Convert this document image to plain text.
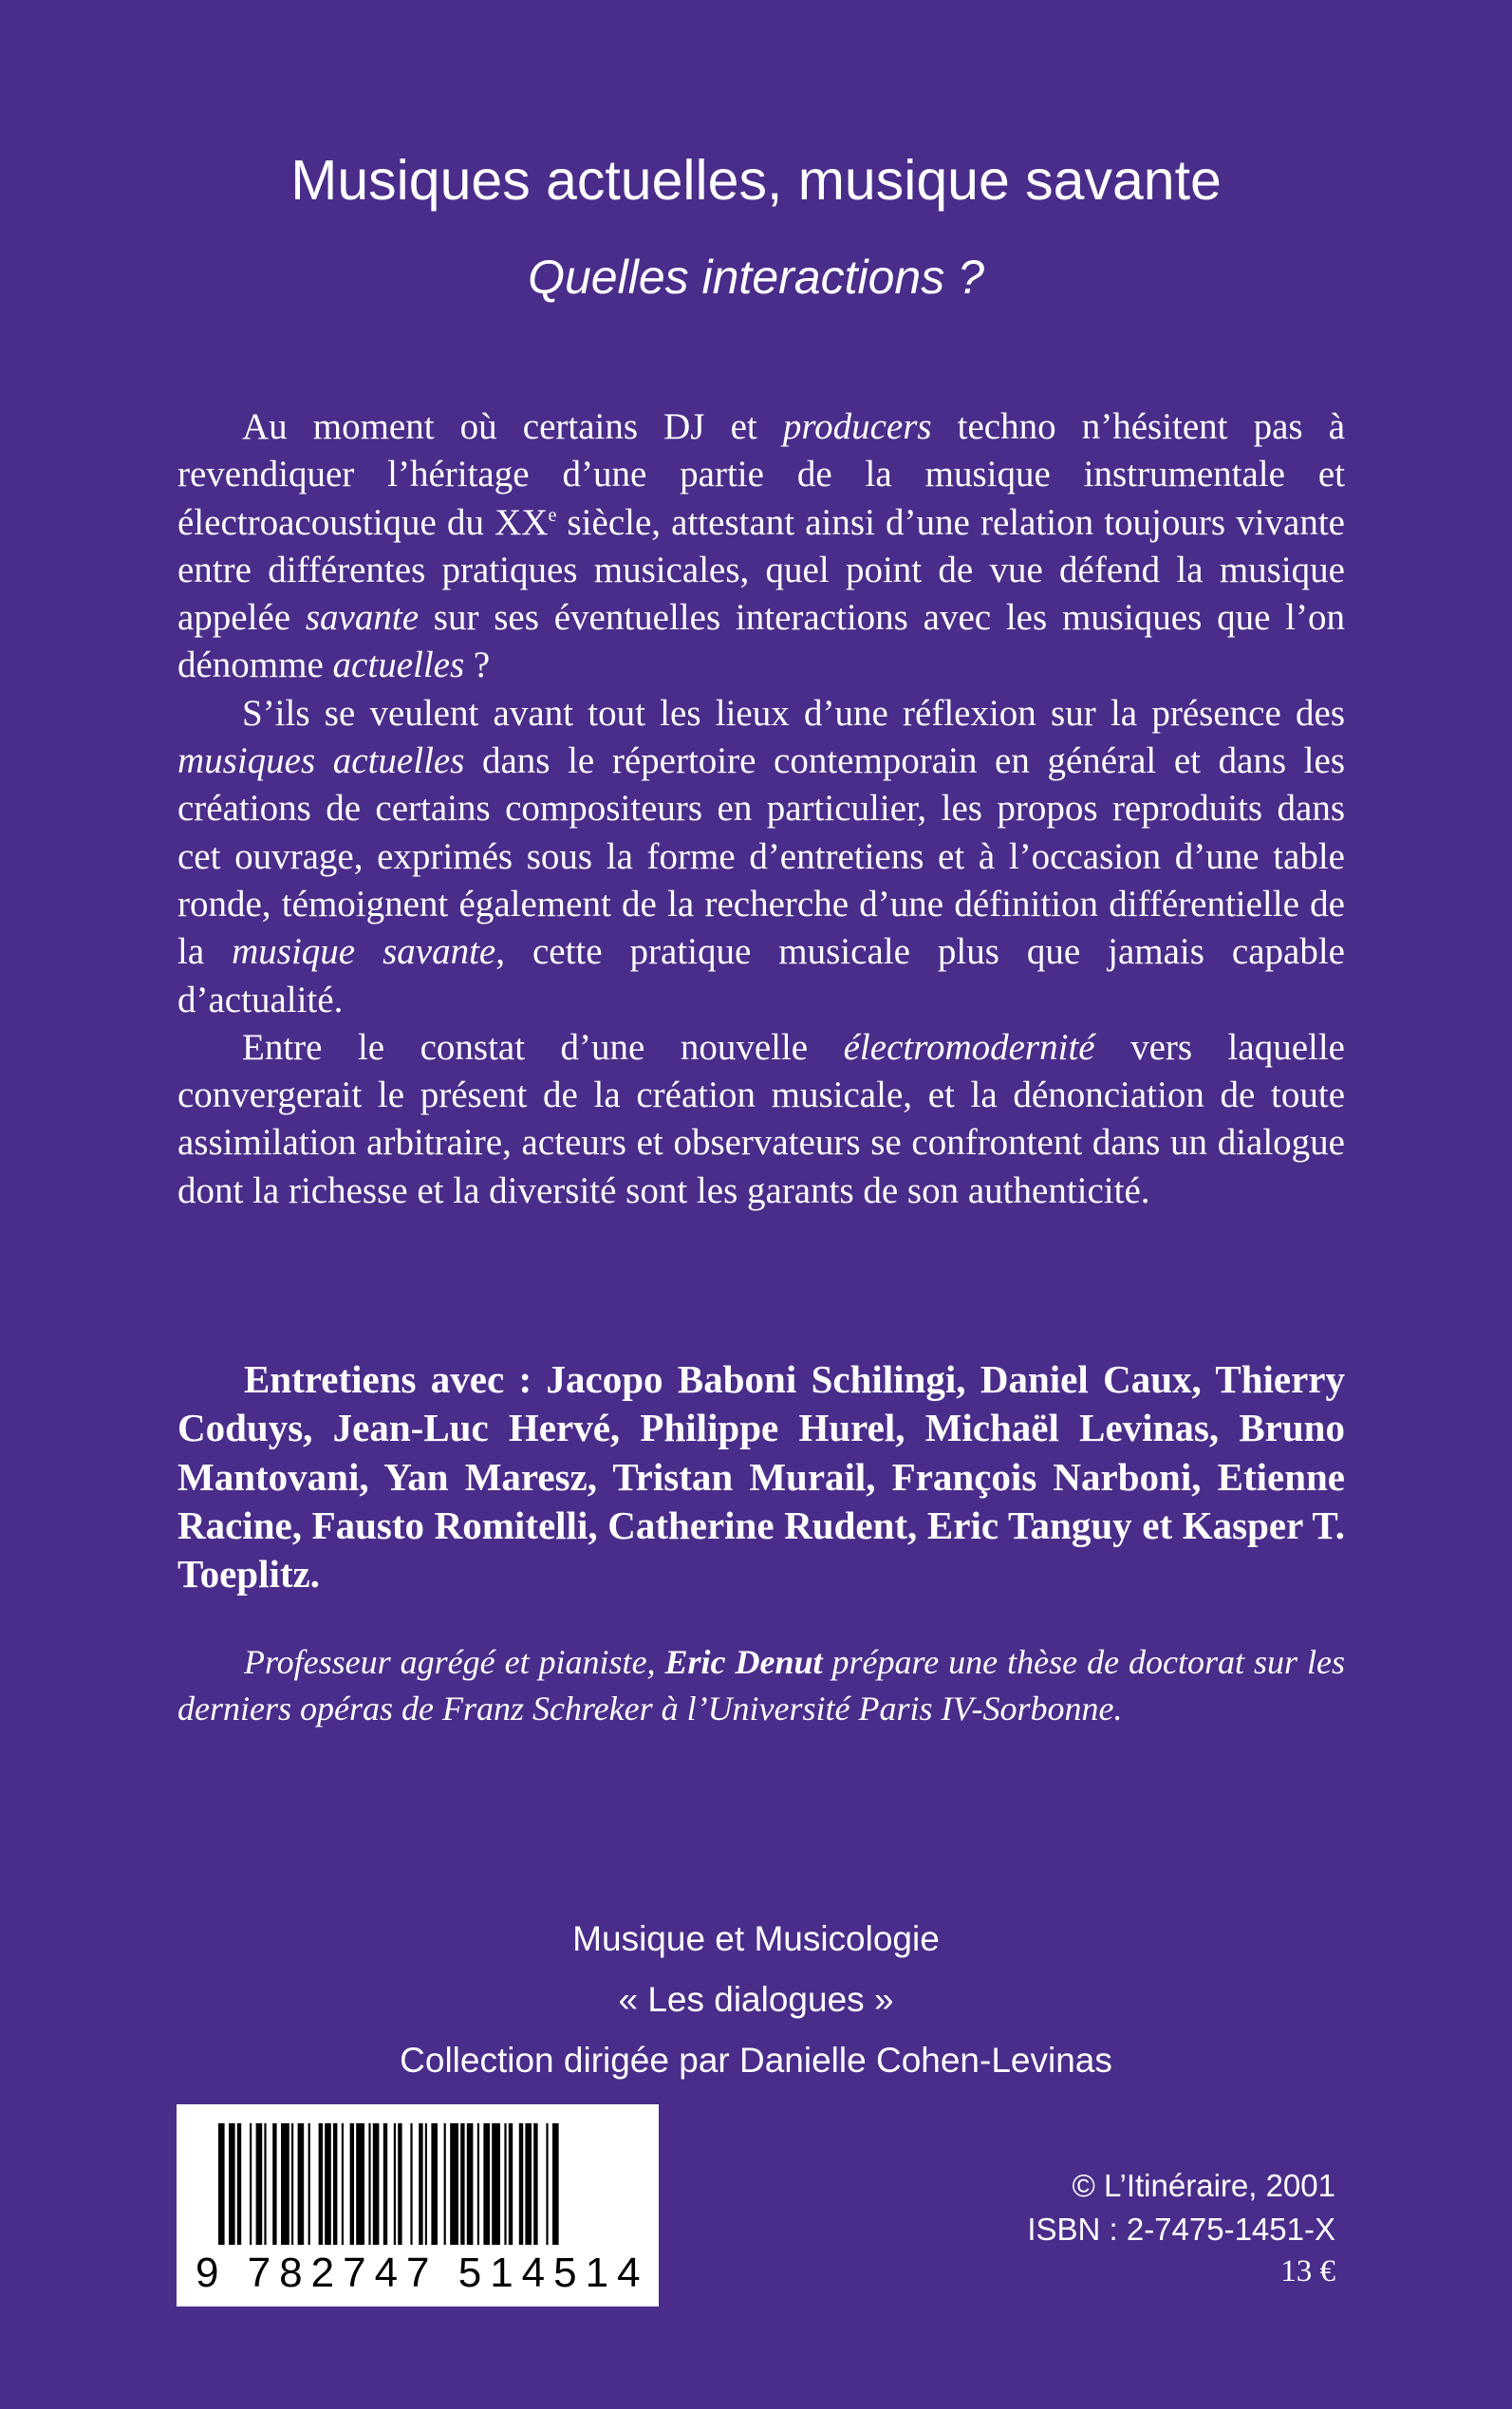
Musiques actuelles, musique savante
Quelles interactions ?

Au moment où certains DJ et producers techno n’hésitent pas à revendiquer l’héritage d’une partie de la musique instrumentale et électroacoustique du XXe siècle, attestant ainsi d’une relation toujours vivante entre différentes pratiques musicales, quel point de vue défend la musique appelée savante sur ses éventuelles interactions avec les musiques que l’on dénomme actuelles ?

S’ils se veulent avant tout les lieux d’une réflexion sur la présence des musiques actuelles dans le répertoire contemporain en général et dans les créations de certains compositeurs en particulier, les propos reproduits dans cet ouvrage, exprimés sous la forme d’entretiens et à l’occasion d’une table ronde, témoignent également de la recherche d’une définition différentielle de la musique savante, cette pratique musicale plus que jamais capable d’actualité.

Entre le constat d’une nouvelle électromodernité vers laquelle convergerait le présent de la création musicale, et la dénonciation de toute assimilation arbitraire, acteurs et observateurs se confrontent dans un dialogue dont la richesse et la diversité sont les garants de son authenticité.

Entretiens avec : Jacopo Baboni Schilingi, Daniel Caux, Thierry Coduys, Jean-Luc Hervé, Philippe Hurel, Michaël Levinas, Bruno Mantovani, Yan Maresz, Tristan Murail, François Narboni, Etienne Racine, Fausto Romitelli, Catherine Rudent, Eric Tanguy et Kasper T. Toeplitz.

Professeur agrégé et pianiste, Eric Denut prépare une thèse de doctorat sur les derniers opéras de Franz Schreker à l’Université Paris IV-Sorbonne.

Musique et Musicologie
« Les dialogues »
Collection dirigée par Danielle Cohen-Levinas
9 782747 514514
© L’Itinéraire, 2001
ISBN : 2-7475-1451-X
13 €
